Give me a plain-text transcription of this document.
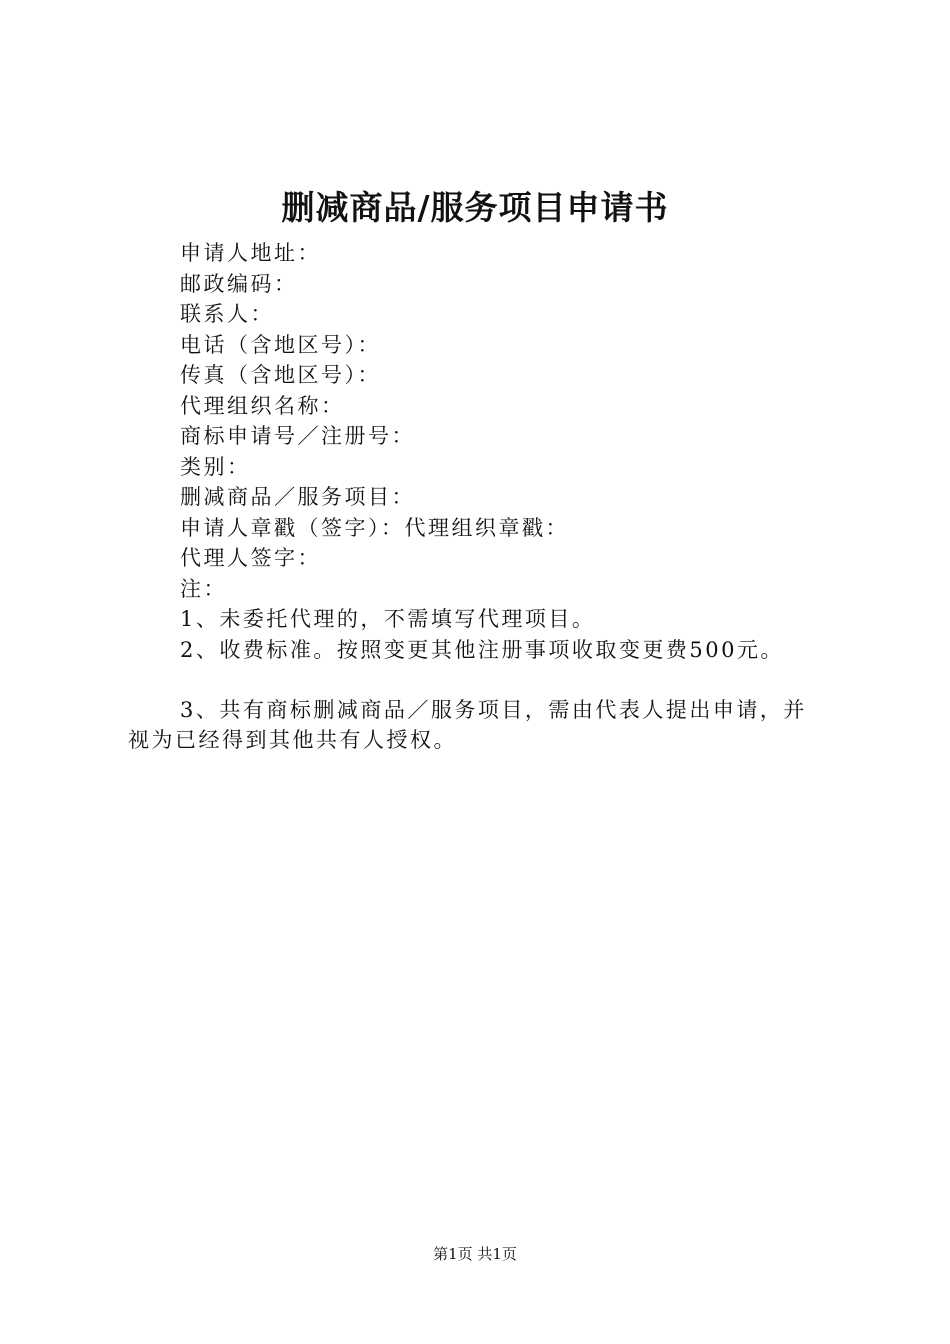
删减商品/服务项目申请书
申请人地址：
邮政编码：
联系人：
电话（含地区号）：
传真（含地区号）：
代理组织名称：
商标申请号／注册号：
类别：
删减商品／服务项目：
申请人章戳（签字）：代理组织章戳：
代理人签字：
注：
1、未委托代理的，不需填写代理项目。
2、收费标准。按照变更其他注册事项收取变更费500元。

3、共有商标删减商品／服务项目，需由代表人提出申请，并视为已经得到其他共有人授权。

第1页 共1页
